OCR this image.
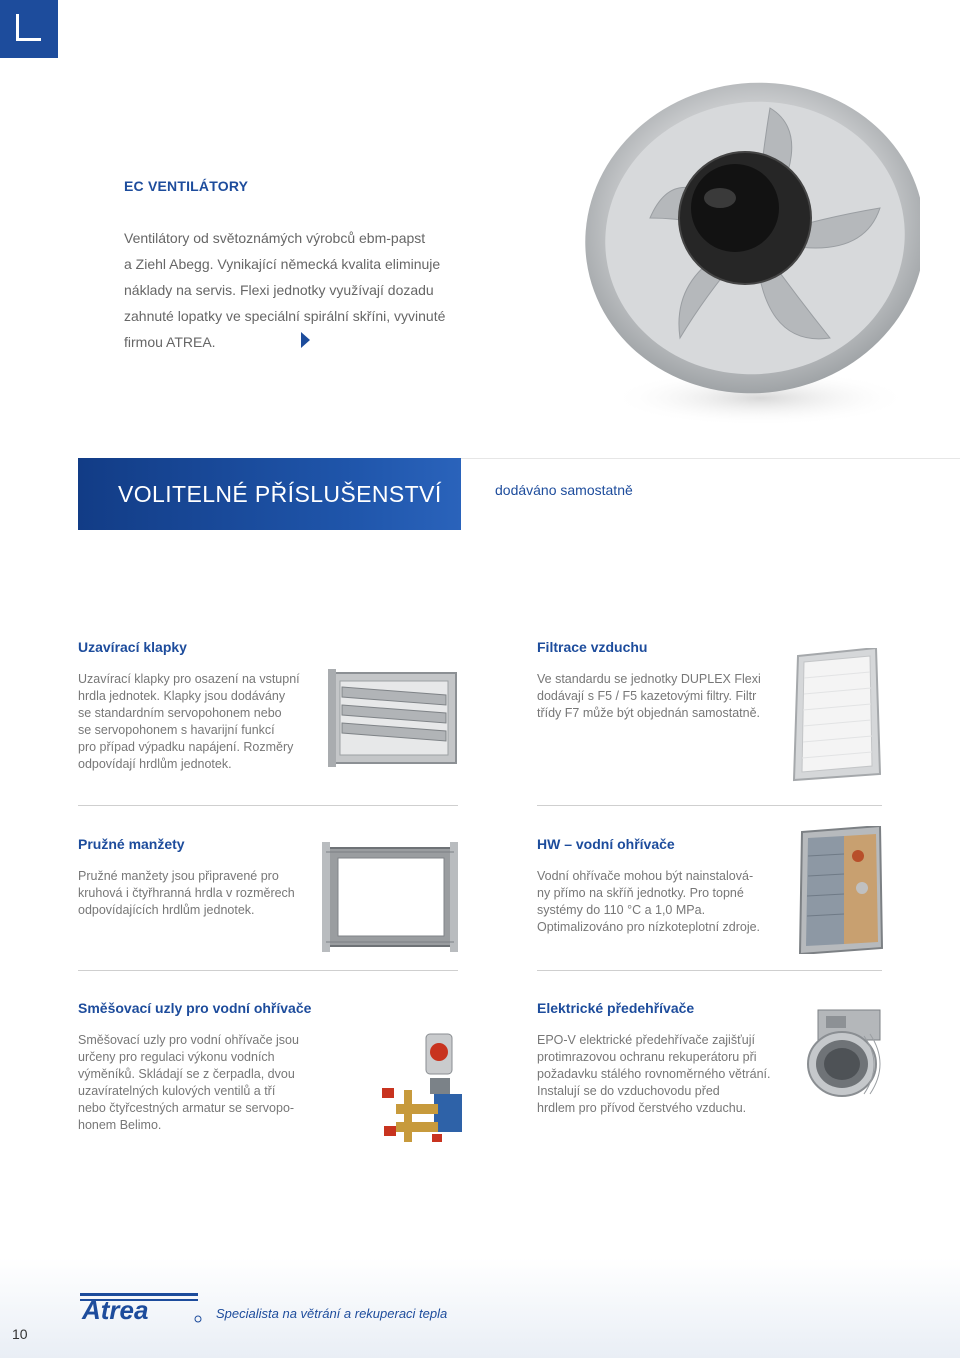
EC VENTILÁTORY

Ventilátory od světoznámých výrobců ebm-papst

a Ziehl Abegg. Vynikající německá kvalita eliminuje

náklady na servis. Flexi jednotky využívají dozadu

zahnuté lopatky ve speciální spirální skříni, vyvinuté

firmou ATREA.

VOLITELNÉ PŘÍSLUŠENSTVÍ	dodáváno samostatně
Uzavírací klapky

Uzavírací klapky pro osazení na vstupní

hrdla jednotek. Klapky jsou dodávány

se standardním servopohonem nebo

se servopohonem s havarijní funkcí

pro případ výpadku napájení. Rozměry

odpovídají hrdlům jednotek.

Filtrace vzduchu

Ve standardu se jednotky DUPLEX Flexi

dodávají s F5 / F5 kazetovými filtry. Filtr

třídy F7 může být objednán samostatně.

Pružné manžety

Pružné manžety jsou připravené pro

kruhová i čtyřhranná hrdla v rozměrech

odpovídajících hrdlům jednotek.

HW – vodní ohřívače

Vodní ohřívače mohou být nainstalová-

ny přímo na skříň jednotky. Pro topné

systémy do 110 °C a 1,0 MPa.

Optimalizováno pro nízkoteplotní zdroje.

Směšovací uzly pro vodní ohřívače

Směšovací uzly pro vodní ohřívače jsou

určeny pro regulaci výkonu vodních

výměníků. Skládají se z čerpadla, dvou

uzavíratelných kulových ventilů a tří

nebo čtyřcestných armatur se servopo-

honem Belimo.

Elektrické předehřívače

EPO-V elektrické předehřívače zajišťují

protimrazovou ochranu rekuperátoru při

požadavku stálého rovnoměrného větrání.

Instalují se do vzduchovodu před

hrdlem pro přívod čerstvého vzduchu.

Atrea	Specialista na větrání a rekuperaci tepla
10
